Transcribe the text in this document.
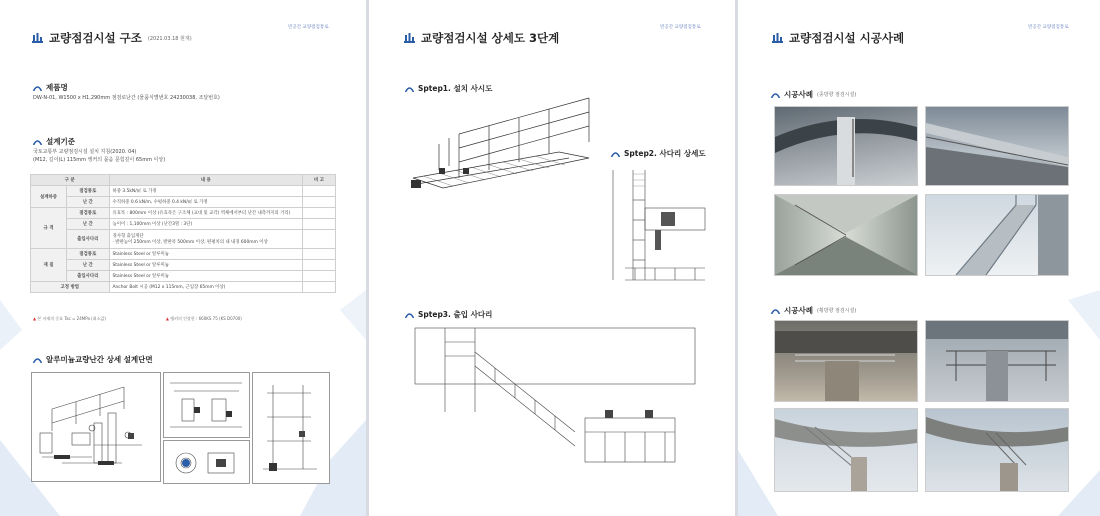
빈공간 교량점검통로
교량점검시설 구조 (2021.03.18 현재)
제품명
DW-N-01, W1500 x H1,290mm 점검로난간 (물품식별번호 24230038, 조달번호)
설계기준
국토교통부 교량점검시설 설치 지침(2020. 04)
(M12, 길이(L) 115mm 앵커의 묻음 문힘깊이 65mm 이상)
구 분		내 용	비 고
설계하중	점검통로	하중 3.5kN/㎡ 로 가정	
	난 간	수직하중 0.6 kN/m, 수평하중 0.4 kN/㎡ 로 가정	
규 격	점검통로	유효폭 : 800mm 이상 (유효폭은 구조체 (교대 및 교각) 벽체에서부터 난간 내측까지의 거리)	
	난 간	높이이 : 1,100mm 이상 (난간3열 : 3단)	
	출입사다리	경사형 출입계단
· 발판높이 250mm 이상, 발판폭 500mm 이상, 편평치의 내 내경 600mm 이상	

재 질	점검통로	Stainless Steel or 알루미늄	
	난 간	Stainless Steel or 알루미늄	
	출입사다리	Stainless Steel or 알루미늄	
고정 방법		Anchor Bolt 시공 (M12 x 115mm, 근입장 65mm 이상)	
▲ 본 자재의 중요 Tac = 24MPa (최소값)	▲ 앵커의 인장한 : 660KS 75 (KS D0700)
알루미늄교량난간 상세 설계단면
빈공간 교량점검통로
교량점검시설 상세도 3단계
Sptep1. 설치 사시도
Sptep2. 사다리 상세도
Sptep3. 출입 사다리
빈공간 교량점검통로
교량점검시설 시공사례
시공사례 (종방향 점검시설)
시공사례 (횡방향 점검시설)
